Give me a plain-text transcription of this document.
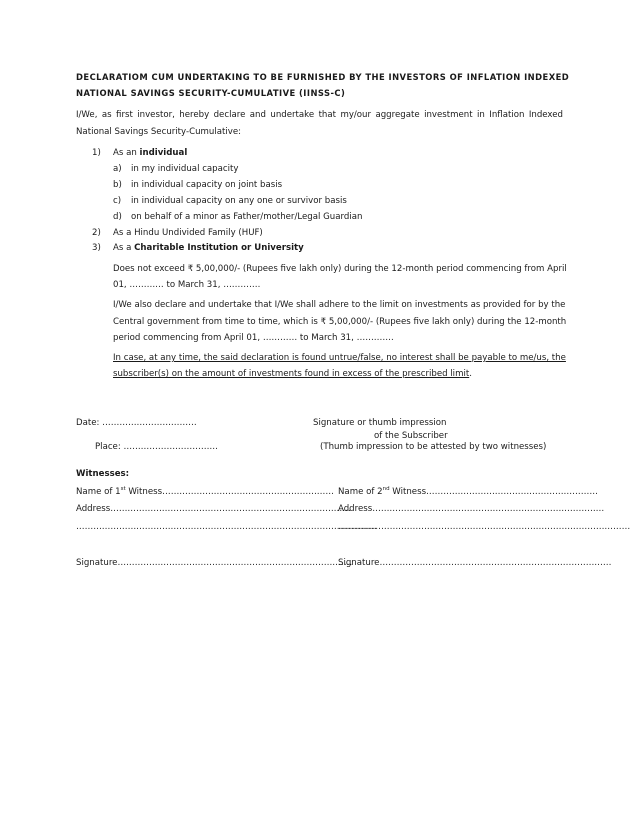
DECLARATIOM CUM UNDERTAKING TO BE FURNISHED BY THE INVESTORS OF INFLATION INDEXED
NATIONAL SAVINGS SECURITY-CUMULATIVE (IINSS-C)
I/We, as first investor, hereby declare and undertake that my/our aggregate investment in Inflation Indexed
National Savings Security-Cumulative:
1) As an individual
a) in my individual capacity
b) in individual capacity on joint basis
c) in individual capacity on any one or survivor basis
d) on behalf of a minor as Father/mother/Legal Guardian
2) As a Hindu Undivided Family (HUF)
3) As a Charitable Institution or University
Does not exceed ₹ 5,00,000/- (Rupees five lakh only) during the 12-month period commencing from April
01, ………… to March 31, ………….
I/We also declare and undertake that I/We shall adhere to the limit on investments as provided for by the
Central government from time to time, which is ₹ 5,00,000/- (Rupees five lakh only) during the 12-month
period commencing from April 01, ………… to March 31, ………….
In case, at any time, the said declaration is found untrue/false, no interest shall be payable to me/us, the
subscriber(s) on the amount of investments found in excess of the prescribed limit.
Date: ……………………………	Signature or thumb impression
of the Subscriber
Place: ……………………………	(Thumb impression to be attested by two witnesses)
Witnesses:
Name of 1st Witness…………………………………………………… Name of 2nd Witness……………………………………………………
Address…………………………………………………………………………
Address………………………………………………………………………
……………………………………………………………………………………………
…………………………………………………………………………………………
Signature……………………………………………………………………….
Signature………………………………………………………………………
